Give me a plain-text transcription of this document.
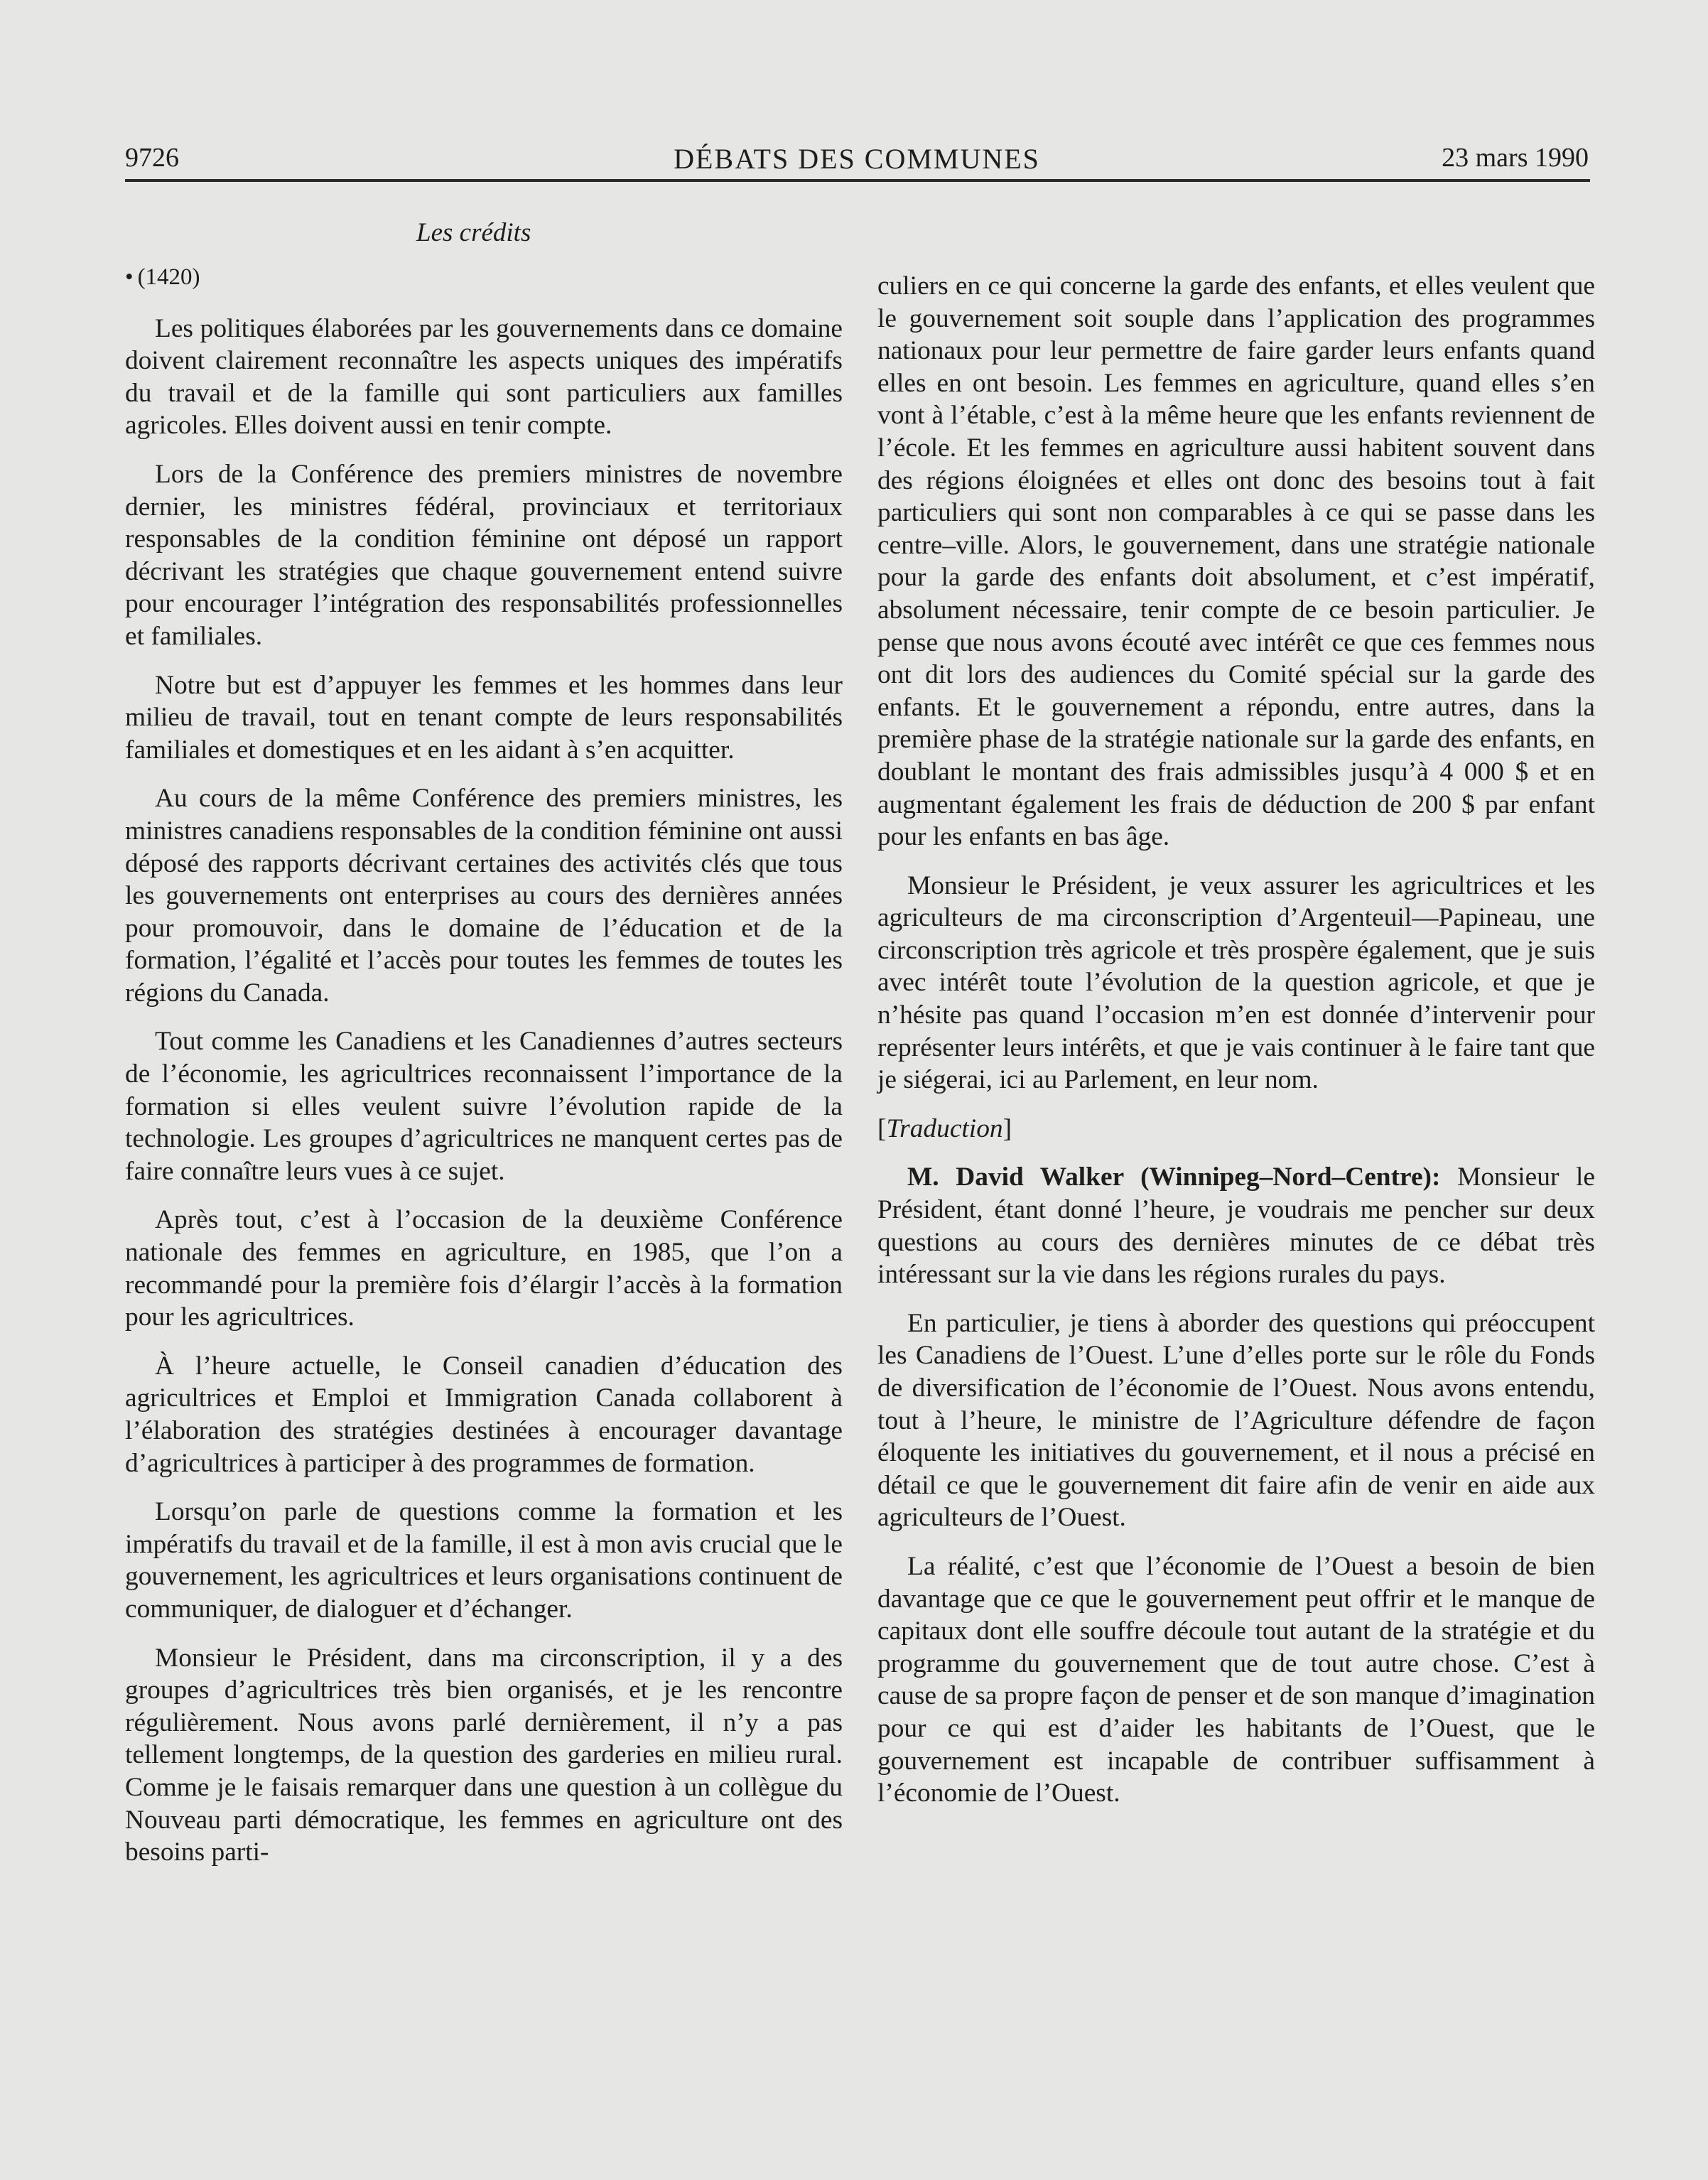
9726	DÉBATS DES COMMUNES	23 mars 1990
Les crédits

• (1420)

Les politiques élaborées par les gouvernements dans ce domaine doivent clairement reconnaître les aspects uniques des impératifs du travail et de la famille qui sont particuliers aux familles agricoles. Elles doivent aussi en tenir compte.

Lors de la Conférence des premiers ministres de novembre dernier, les ministres fédéral, provinciaux et territoriaux responsables de la condition féminine ont déposé un rapport décrivant les stratégies que chaque gouvernement entend suivre pour encourager l’intégration des responsabilités professionnelles et familiales.

Notre but est d’appuyer les femmes et les hommes dans leur milieu de travail, tout en tenant compte de leurs responsabilités familiales et domestiques et en les aidant à s’en acquitter.

Au cours de la même Conférence des premiers ministres, les ministres canadiens responsables de la condition féminine ont aussi déposé des rapports décrivant certaines des activités clés que tous les gouvernements ont enterprises au cours des dernières années pour promouvoir, dans le domaine de l’éducation et de la formation, l’égalité et l’accès pour toutes les femmes de toutes les régions du Canada.

Tout comme les Canadiens et les Canadiennes d’autres secteurs de l’économie, les agricultrices reconnaissent l’importance de la formation si elles veulent suivre l’évolution rapide de la technologie. Les groupes d’agricultrices ne manquent certes pas de faire connaître leurs vues à ce sujet.

Après tout, c’est à l’occasion de la deuxième Conférence nationale des femmes en agriculture, en 1985, que l’on a recommandé pour la première fois d’élargir l’accès à la formation pour les agricultrices.

À l’heure actuelle, le Conseil canadien d’éducation des agricultrices et Emploi et Immigration Canada collaborent à l’élaboration des stratégies destinées à encourager davantage d’agricultrices à participer à des programmes de formation.

Lorsqu’on parle de questions comme la formation et les impératifs du travail et de la famille, il est à mon avis crucial que le gouvernement, les agricultrices et leurs organisations continuent de communiquer, de dialoguer et d’échanger.

Monsieur le Président, dans ma circonscription, il y a des groupes d’agricultrices très bien organisés, et je les rencontre régulièrement. Nous avons parlé dernièrement, il n’y a pas tellement longtemps, de la question des garderies en milieu rural. Comme je le faisais remarquer dans une question à un collègue du Nouveau parti démocratique, les femmes en agriculture ont des besoins parti-

culiers en ce qui concerne la garde des enfants, et elles veulent que le gouvernement soit souple dans l’application des programmes nationaux pour leur permettre de faire garder leurs enfants quand elles en ont besoin. Les femmes en agriculture, quand elles s’en vont à l’étable, c’est à la même heure que les enfants reviennent de l’école. Et les femmes en agriculture aussi habitent souvent dans des régions éloignées et elles ont donc des besoins tout à fait particuliers qui sont non comparables à ce qui se passe dans les centre–ville. Alors, le gouvernement, dans une stratégie nationale pour la garde des enfants doit absolument, et c’est impératif, absolument nécessaire, tenir compte de ce besoin particulier. Je pense que nous avons écouté avec intérêt ce que ces femmes nous ont dit lors des audiences du Comité spécial sur la garde des enfants. Et le gouvernement a répondu, entre autres, dans la première phase de la stratégie nationale sur la garde des enfants, en doublant le montant des frais admissibles jusqu’à 4 000 $ et en augmentant également les frais de déduction de 200 $ par enfant pour les enfants en bas âge.

Monsieur le Président, je veux assurer les agricultrices et les agriculteurs de ma circonscription d’Argenteuil—Papineau, une circonscription très agricole et très prospère également, que je suis avec intérêt toute l’évolution de la question agricole, et que je n’hésite pas quand l’occasion m’en est donnée d’intervenir pour représenter leurs intérêts, et que je vais continuer à le faire tant que je siégerai, ici au Parlement, en leur nom.

[Traduction]

M. David Walker (Winnipeg–Nord–Centre): Monsieur le Président, étant donné l’heure, je voudrais me pencher sur deux questions au cours des dernières minutes de ce débat très intéressant sur la vie dans les régions rurales du pays.

En particulier, je tiens à aborder des questions qui préoccupent les Canadiens de l’Ouest. L’une d’elles porte sur le rôle du Fonds de diversification de l’économie de l’Ouest. Nous avons entendu, tout à l’heure, le ministre de l’Agriculture défendre de façon éloquente les initiatives du gouvernement, et il nous a précisé en détail ce que le gouvernement dit faire afin de venir en aide aux agriculteurs de l’Ouest.

La réalité, c’est que l’économie de l’Ouest a besoin de bien davantage que ce que le gouvernement peut offrir et le manque de capitaux dont elle souffre découle tout autant de la stratégie et du programme du gouvernement que de tout autre chose. C’est à cause de sa propre façon de penser et de son manque d’imagination pour ce qui est d’aider les habitants de l’Ouest, que le gouvernement est incapable de contribuer suffisamment à l’économie de l’Ouest.
